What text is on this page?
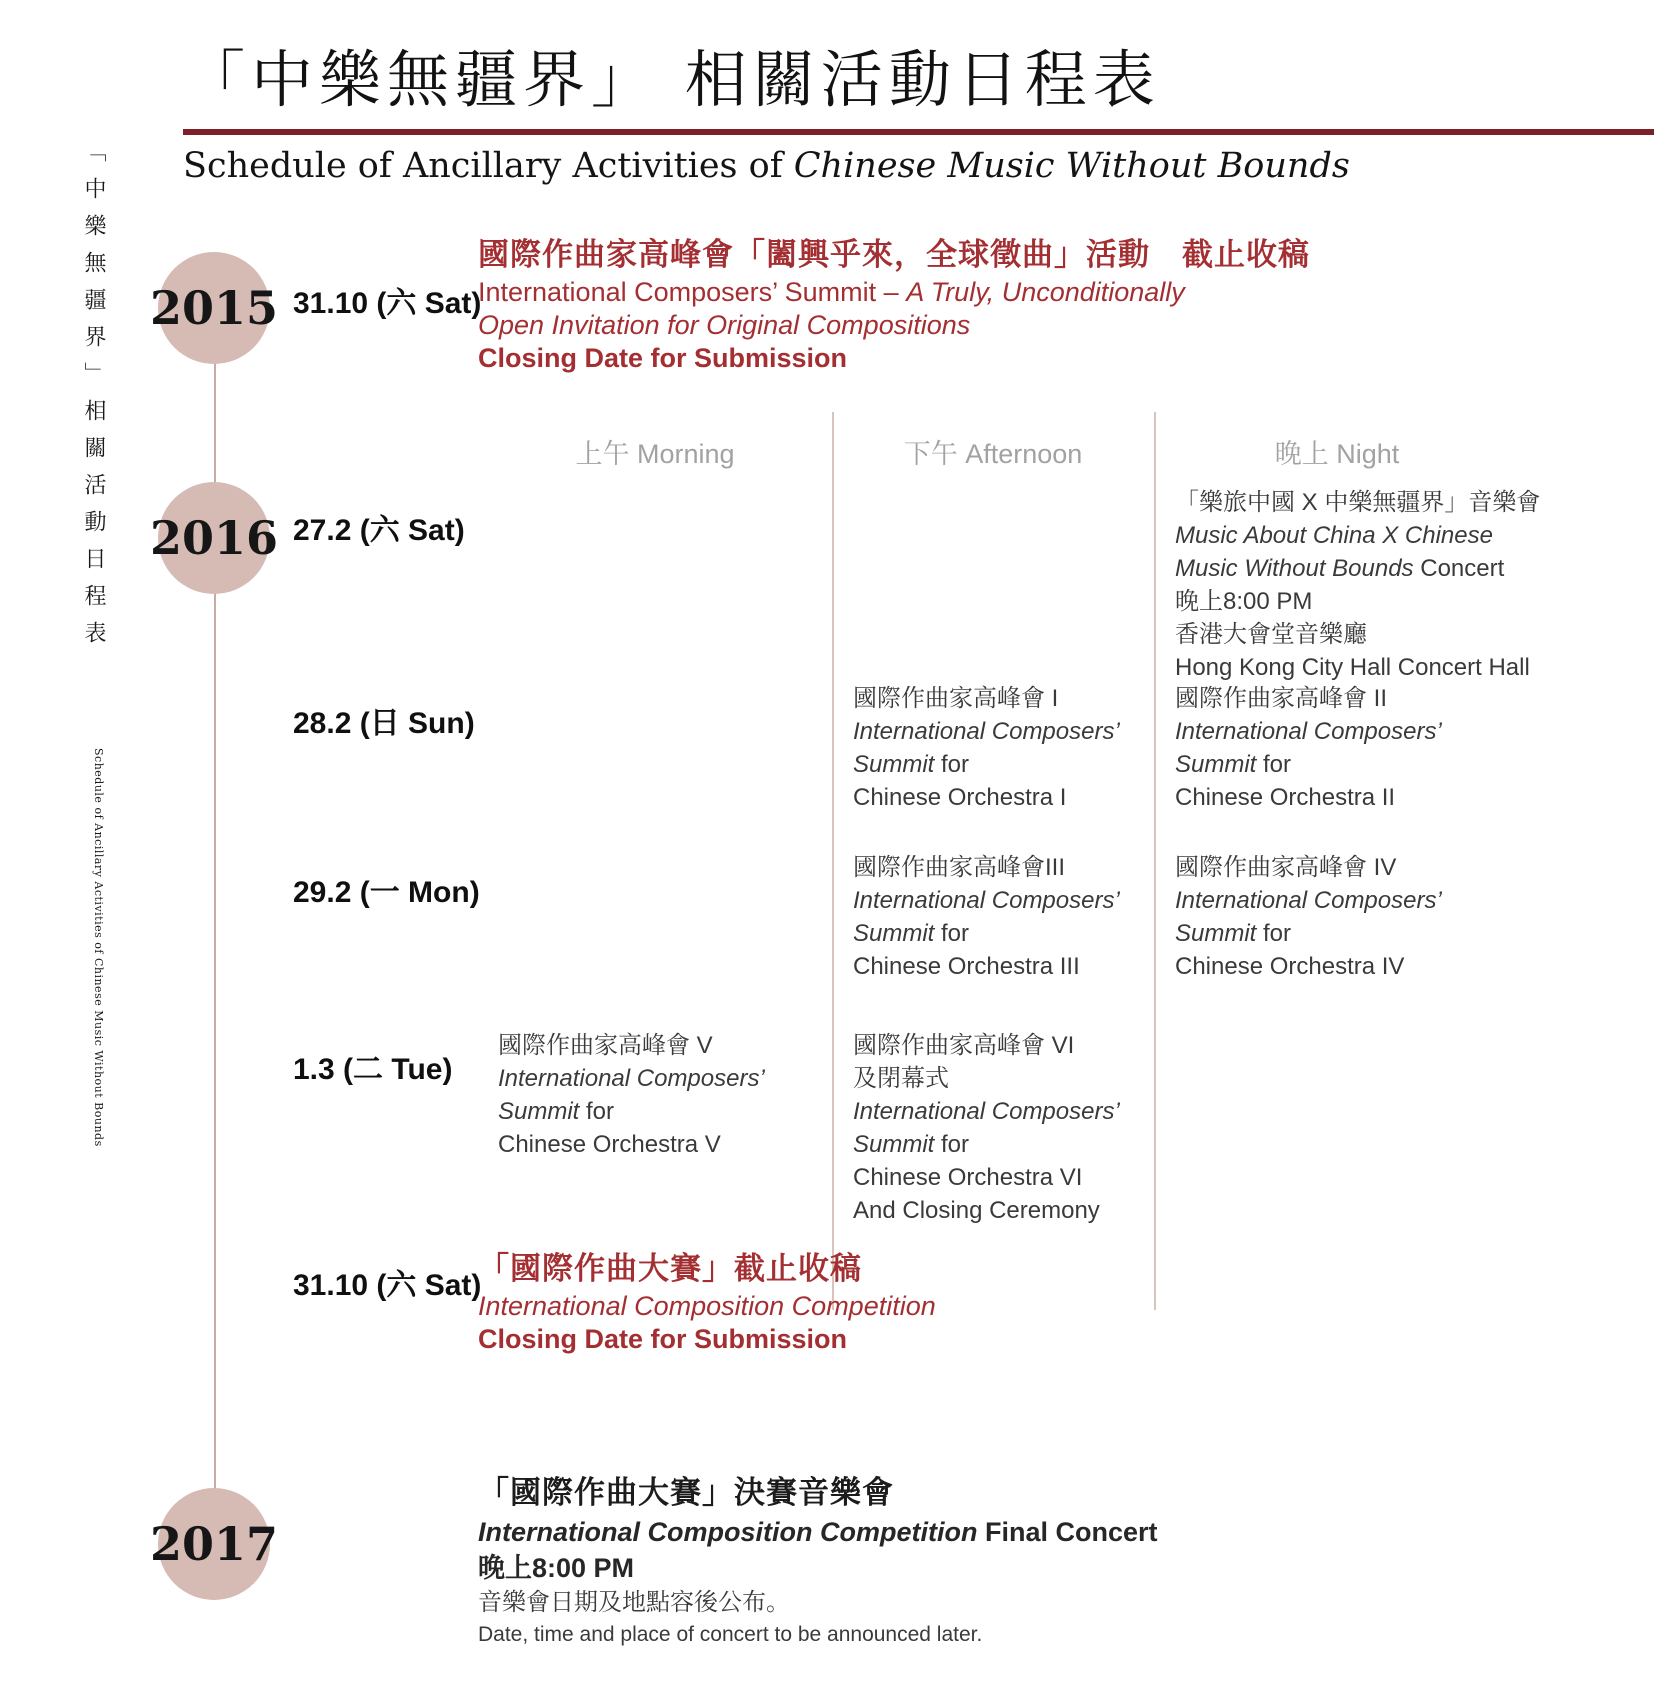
「中樂無疆界」相關活動日程表
Schedule of Ancillary Activities of Chinese Music Without Bounds
「中樂無疆界」 相關活動日程表
Schedule of Ancillary Activities of Chinese Music Without Bounds
2015
2016
2017
31.10 (六 Sat)
國際作曲家高峰會「闔興乎來，全球徵曲」活動　截止收稿
International Composers’ Summit – A Truly, Unconditionally
Open Invitation for Original Compositions
Closing Date for Submission
上午 Morning	下午 Afternoon	晚上 Night
27.2 (六 Sat)
「樂旅中國 X 中樂無疆界」音樂會
Music About China X Chinese
Music Without Bounds Concert
晚上8:00 PM
香港大會堂音樂廳
Hong Kong City Hall Concert Hall
28.2 (日 Sun)
國際作曲家高峰會 I
International Composers’
Summit for
Chinese Orchestra I
國際作曲家高峰會 II
International Composers’
Summit for
Chinese Orchestra II
29.2 (一 Mon)
國際作曲家高峰會III
International Composers’
Summit for
Chinese Orchestra III
國際作曲家高峰會 IV
International Composers’
Summit for
Chinese Orchestra IV
1.3 (二 Tue)
國際作曲家高峰會 V
International Composers’
Summit for
Chinese Orchestra V
國際作曲家高峰會 VI
及閉幕式
International Composers’
Summit for
Chinese Orchestra VI
And Closing Ceremony
31.10 (六 Sat)
「國際作曲大賽」截止收稿
International Composition Competition
Closing Date for Submission
「國際作曲大賽」決賽音樂會
International Composition Competition Final Concert
晚上8:00 PM
音樂會日期及地點容後公布。
Date, time and place of concert to be announced later.
